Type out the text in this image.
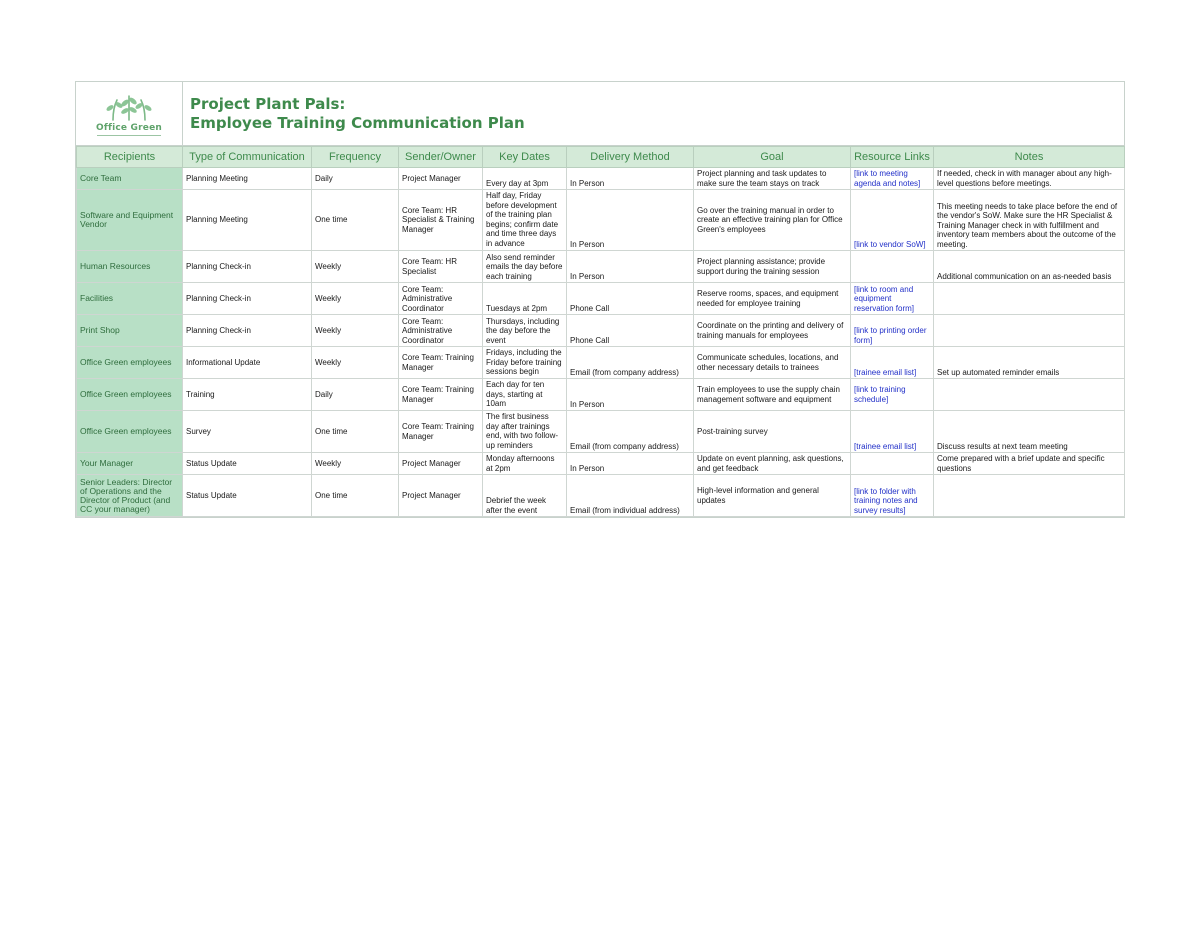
Office Green
Project Plant Pals:
Employee Training Communication Plan
Recipients	Type of Communication	Frequency	Sender/Owner	Key Dates	Delivery Method	Goal	Resource Links	Notes
Core Team	Planning Meeting	Daily	Project Manager	Every day at 3pm	In Person	Project planning and task updates to make sure the team stays on track	[link to meeting agenda and notes]	If needed, check in with manager about any high-level questions before meetings.
Software and Equipment Vendor	Planning Meeting	One time	Core Team: HR Specialist & Training Manager	Half day, Friday before development of the training plan begins; confirm date and time three days in advance	In Person	Go over the training manual in order to create an effective training plan for Office Green's employees	[link to vendor SoW]	This meeting needs to take place before the end of the vendor's SoW. Make sure the HR Specialist & Training Manager check in with fulfillment and inventory team members about the outcome of the meeting.
Human Resources	Planning Check-in	Weekly	Core Team: HR Specialist	Also send reminder emails the day before each training	In Person	Project planning assistance; provide support during the training session		Additional communication on an as-needed basis
Facilities	Planning Check-in	Weekly	Core Team: Administrative Coordinator	Tuesdays at 2pm	Phone Call	Reserve rooms, spaces, and equipment needed for employee training	[link to room and equipment reservation form]	
Print Shop	Planning Check-in	Weekly	Core Team: Administrative Coordinator	Thursdays, including the day before the event	Phone Call	Coordinate on the printing and delivery of training manuals for employees	[link to printing order form]	
Office Green employees	Informational Update	Weekly	Core Team: Training Manager	Fridays, including the Friday before training sessions begin	Email (from company address)	Communicate schedules, locations, and other necessary details to trainees	[trainee email list]	Set up automated reminder emails
Office Green employees	Training	Daily	Core Team: Training Manager	Each day for ten days, starting at 10am	In Person	Train employees to use the supply chain management software and equipment	[link to training schedule]	
Office Green employees	Survey	One time	Core Team: Training Manager	The first business day after trainings end, with two follow-up reminders	Email (from company address)	Post-training survey	[trainee email list]	Discuss results at next team meeting
Your Manager	Status Update	Weekly	Project Manager	Monday afternoons at 2pm	In Person	Update on event planning, ask questions, and get feedback		Come prepared with a brief update and specific questions
Senior Leaders: Director of Operations and the Director of Product (and CC your manager)	Status Update	One time	Project Manager	Debrief the week after the event	Email (from individual address)	High-level information and general updates	[link to folder with training notes and survey results]	
